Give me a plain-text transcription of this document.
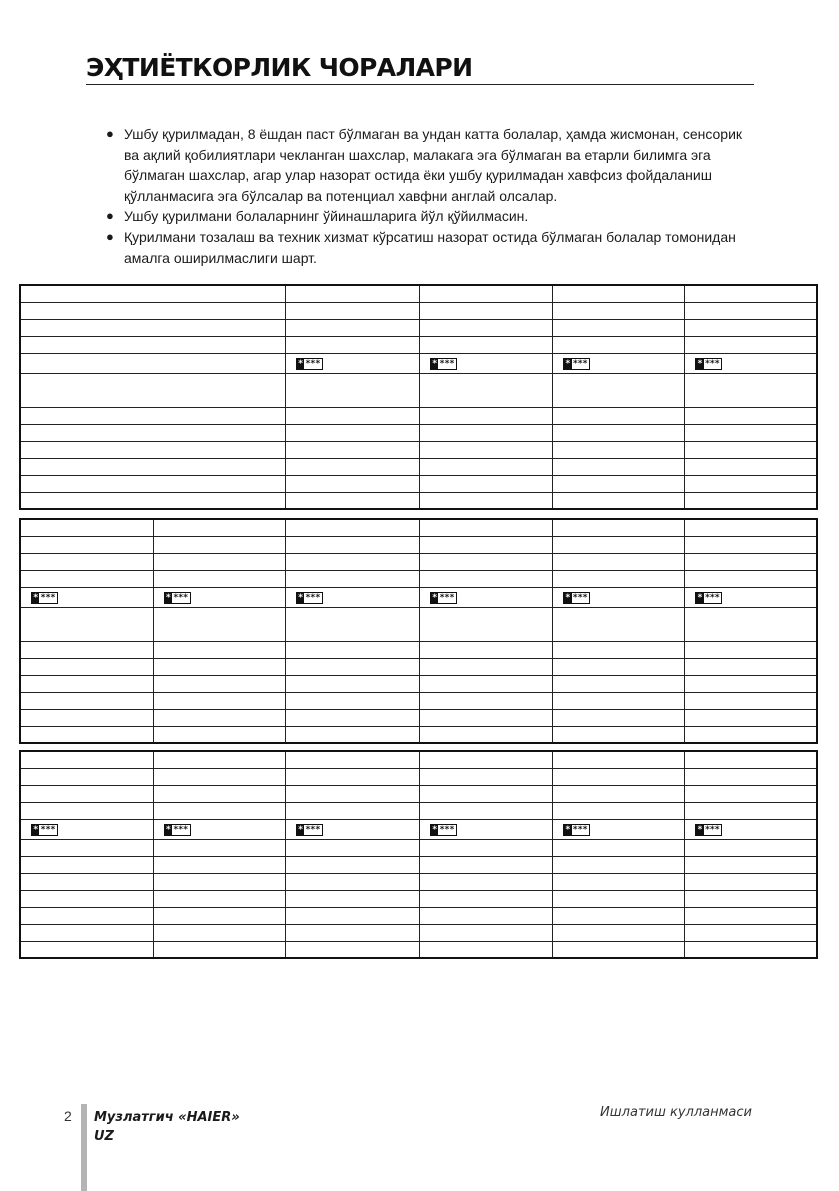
ЭҲТИЁТКОРЛИК ЧОРАЛАРИ
● Ушбу қурилмадан, 8 ёшдан паст бўлмаган ва ундан катта болалар, ҳамда жисмонан, сенсорик ва ақлий қобилиятлари чекланган шахслар, малакага эга бўлмаган ва етарли билимга эга бўлмаган шахслар, агар улар назорат остида ёки ушбу қурилмадан хавфсиз фойдаланиш қўлланмасига эга бўлсалар ва потенциал хавфни англай олсалар.
● Ушбу қурилмани болаларнинг ўйинашларига йўл қўйилмасин.
● Қурилмани тозалаш ва техник хизмат кўрсатиш назорат остида бўлмаган болалар томонидан амалга оширилмаслиги шарт.

	* ***	* ***	* ***	* ***

* ***	* ***	* ***	* ***	* ***	* ***

* ***	* ***	* ***	* ***	* ***	* ***

2 Музлатгич «HAIER»
UZ
Ишлатиш кулланмаси
